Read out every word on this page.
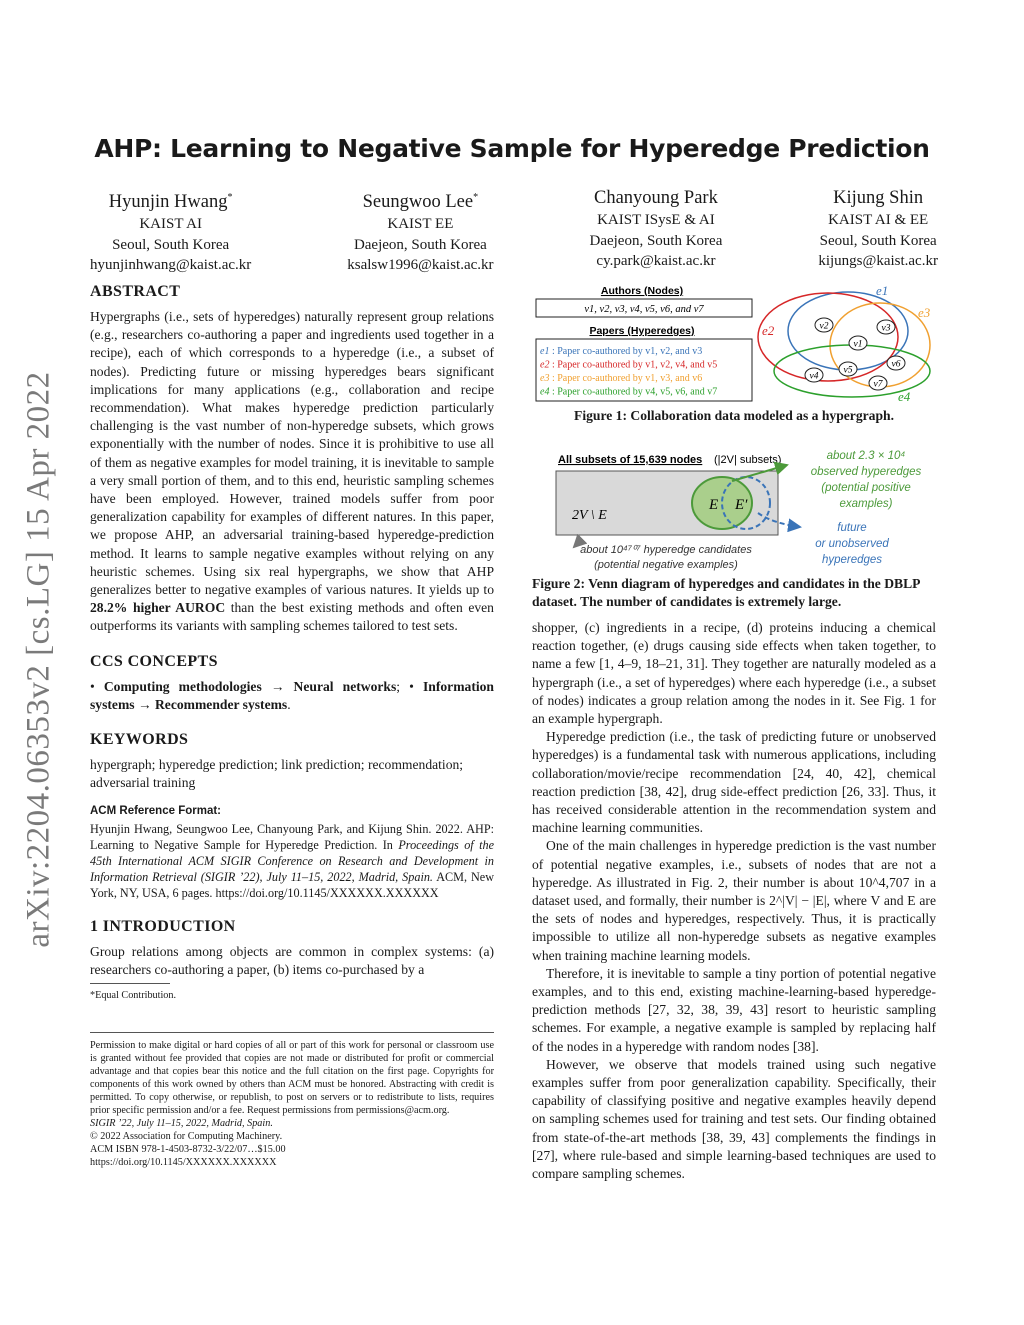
arXiv:2204.06353v2 [cs.LG] 15 Apr 2022
AHP: Learning to Negative Sample for Hyperedge Prediction
Hyunjin Hwang*
KAIST AI
Seoul, South Korea
hyunjinhwang@kaist.ac.kr
Seungwoo Lee*
KAIST EE
Daejeon, South Korea
ksalsw1996@kaist.ac.kr
Chanyoung Park
KAIST ISysE & AI
Daejeon, South Korea
cy.park@kaist.ac.kr
Kijung Shin
KAIST AI & EE
Seoul, South Korea
kijungs@kaist.ac.kr
ABSTRACT

Hypergraphs (i.e., sets of hyperedges) naturally represent group relations (e.g., researchers co-authoring a paper and ingredients used together in a recipe), each of which corresponds to a hyperedge (i.e., a subset of nodes). Predicting future or missing hyperedges bears significant implications for many applications (e.g., collaboration and recipe recommendation). What makes hyperedge prediction particularly challenging is the vast number of non-hyperedge subsets, which grows exponentially with the number of nodes. Since it is prohibitive to use all of them as negative examples for model training, it is inevitable to sample a very small portion of them, and to this end, heuristic sampling schemes have been employed. However, trained models suffer from poor generalization capability for examples of different natures. In this paper, we propose AHP, an adversarial training-based hyperedge-prediction method. It learns to sample negative examples without relying on any heuristic schemes. Using six real hypergraphs, we show that AHP generalizes better to negative examples of various natures. It yields up to 28.2% higher AUROC than the best existing methods and often even outperforms its variants with sampling schemes tailored to test sets.

CCS CONCEPTS

• Computing methodologies → Neural networks; • Information systems → Recommender systems.

KEYWORDS

hypergraph; hyperedge prediction; link prediction; recommendation; adversarial training

ACM Reference Format:

Hyunjin Hwang, Seungwoo Lee, Chanyoung Park, and Kijung Shin. 2022. AHP: Learning to Negative Sample for Hyperedge Prediction. In Proceedings of the 45th International ACM SIGIR Conference on Research and Development in Information Retrieval (SIGIR ’22), July 11–15, 2022, Madrid, Spain. ACM, New York, NY, USA, 6 pages. https://doi.org/10.1145/XXXXXX.XXXXXX

1 INTRODUCTION

Group relations among objects are common in complex systems: (a) researchers co-authoring a paper, (b) items co-purchased by a

*Equal Contribution.

Permission to make digital or hard copies of all or part of this work for personal or classroom use is granted without fee provided that copies are not made or distributed for profit or commercial advantage and that copies bear this notice and the full citation on the first page. Copyrights for components of this work owned by others than ACM must be honored. Abstracting with credit is permitted. To copy otherwise, or republish, to post on servers or to redistribute to lists, requires prior specific permission and/or a fee. Request permissions from permissions@acm.org.

SIGIR ’22, July 11–15, 2022, Madrid, Spain.

© 2022 Association for Computing Machinery.

ACM ISBN 978-1-4503-8732-3/22/07…$15.00

https://doi.org/10.1145/XXXXXX.XXXXXX

Authors (Nodes)
v1, v2, v3, v4, v5, v6, and v7
Papers (Hyperedges)
e1 : Paper co-authored by v1, v2, and v3
e2 : Paper co-authored by v1, v2, v4, and v5
e3 : Paper co-authored by v1, v3, and v6
e4 : Paper co-authored by v4, v5, v6, and v7
e1
e2
e3
e4
v1
v2	v3
v4
v5
v6
v7
Figure 1: Collaboration data modeled as a hypergraph.
All subsets of 15,639 nodes (|2V| subsets)
2V \ E
E E′
about 2.3 × 10⁴
observed hyperedges
(potential positive
examples)
future
or unobserved
hyperedges
about 10⁴⁷⁰⁷ hyperedge candidates
(potential negative examples)
Figure 2: Venn diagram of hyperedges and candidates in the DBLP dataset. The number of candidates is extremely large.

shopper, (c) ingredients in a recipe, (d) proteins inducing a chemical reaction together, (e) drugs causing side effects when taken together, to name a few [1, 4–9, 18–21, 31]. They together are naturally modeled as a hypergraph (i.e., a set of hyperedges) where each hyperedge (i.e., a subset of nodes) indicates a group relation among the nodes in it. See Fig. 1 for an example hypergraph.

Hyperedge prediction (i.e., the task of predicting future or unobserved hyperedges) is a fundamental task with numerous applications, including collaboration/movie/recipe recommendation [24, 40, 42], chemical reaction prediction [38, 42], drug side-effect prediction [26, 33]. Thus, it has received considerable attention in the recommendation system and machine learning communities.

One of the main challenges in hyperedge prediction is the vast number of potential negative examples, i.e., subsets of nodes that are not a hyperedge. As illustrated in Fig. 2, their number is about 10^4,707 in a dataset used, and formally, their number is 2^|V| − |E|, where V and E are the sets of nodes and hyperedges, respectively. Thus, it is practically impossible to utilize all non-hyperedge subsets as negative examples when training machine learning models.

Therefore, it is inevitable to sample a tiny portion of potential negative examples, and to this end, existing machine-learning-based hyperedge-prediction methods [27, 32, 38, 39, 43] resort to heuristic sampling schemes. For example, a negative example is sampled by replacing half of the nodes in a hyperedge with random nodes [38].

However, we observe that models trained using such negative examples suffer from poor generalization capability. Specifically, their capability of classifying positive and negative examples heavily depend on sampling schemes used for training and test sets. Our finding obtained from state-of-the-art methods [38, 39, 43] complements the findings in [27], where rule-based and simple learning-based techniques are used to compare sampling schemes.
